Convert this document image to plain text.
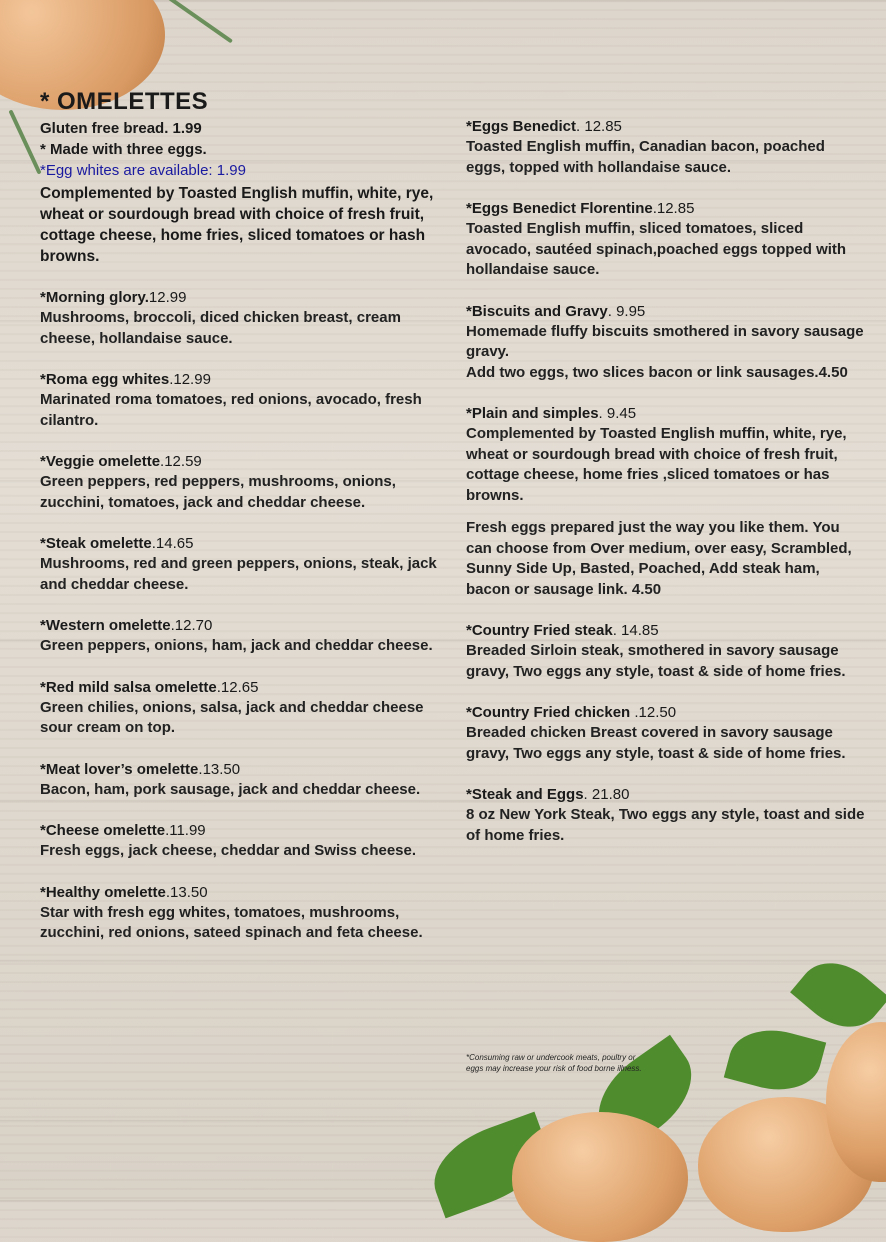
* OMELETTES
Gluten free bread. 1.99
* Made with three eggs.
*Egg whites are available: 1.99
Complemented by Toasted English muffin, white, rye, wheat or sourdough bread with choice of fresh fruit, cottage cheese, home fries, sliced tomatoes or hash browns.
*Morning glory.12.99
Mushrooms, broccoli, diced chicken breast, cream cheese, hollandaise sauce.
*Roma egg whites.12.99
Marinated roma tomatoes, red onions, avocado, fresh cilantro.
*Veggie omelette.12.59
Green peppers, red peppers, mushrooms, onions, zucchini, tomatoes, jack and cheddar cheese.
*Steak omelette.14.65
Mushrooms, red and green peppers, onions, steak, jack and cheddar cheese.
*Western omelette.12.70
Green peppers, onions, ham, jack and cheddar cheese.
*Red mild salsa omelette.12.65
Green chilies, onions, salsa, jack and cheddar cheese sour cream on top.
*Meat lover’s omelette.13.50
Bacon, ham, pork sausage, jack and cheddar cheese.
*Cheese omelette.11.99
Fresh eggs, jack cheese, cheddar and Swiss cheese.
*Healthy omelette.13.50
Star with fresh egg whites, tomatoes, mushrooms, zucchini, red onions, sateed spinach and feta cheese.
*Eggs Benedict. 12.85
Toasted English muffin, Canadian bacon, poached eggs, topped with hollandaise sauce.
*Eggs Benedict Florentine.12.85
Toasted English muffin, sliced tomatoes, sliced avocado, sautéed spinach,poached eggs topped with hollandaise sauce.
*Biscuits and Gravy. 9.95
Homemade fluffy biscuits smothered in savory sausage gravy.
Add two eggs, two slices bacon or link sausages.4.50
*Plain and simples. 9.45
Complemented by Toasted English muffin, white, rye, wheat or sourdough bread with choice of fresh fruit, cottage cheese, home fries ,sliced tomatoes or has browns.
Fresh eggs prepared just the way you like them. You can choose from Over medium, over easy, Scrambled, Sunny Side Up, Basted, Poached, Add steak ham, bacon or sausage link. 4.50
*Country Fried steak. 14.85
Breaded Sirloin steak, smothered in savory sausage gravy, Two eggs any style, toast & side of home fries.
*Country Fried chicken .12.50
Breaded chicken Breast covered in savory sausage gravy, Two eggs any style, toast & side of home fries.
*Steak and Eggs. 21.80
8 oz New York Steak, Two eggs any style, toast and side of home fries.
*Consuming raw or undercook meats, poultry or eggs may increase your risk of food borne illness.
